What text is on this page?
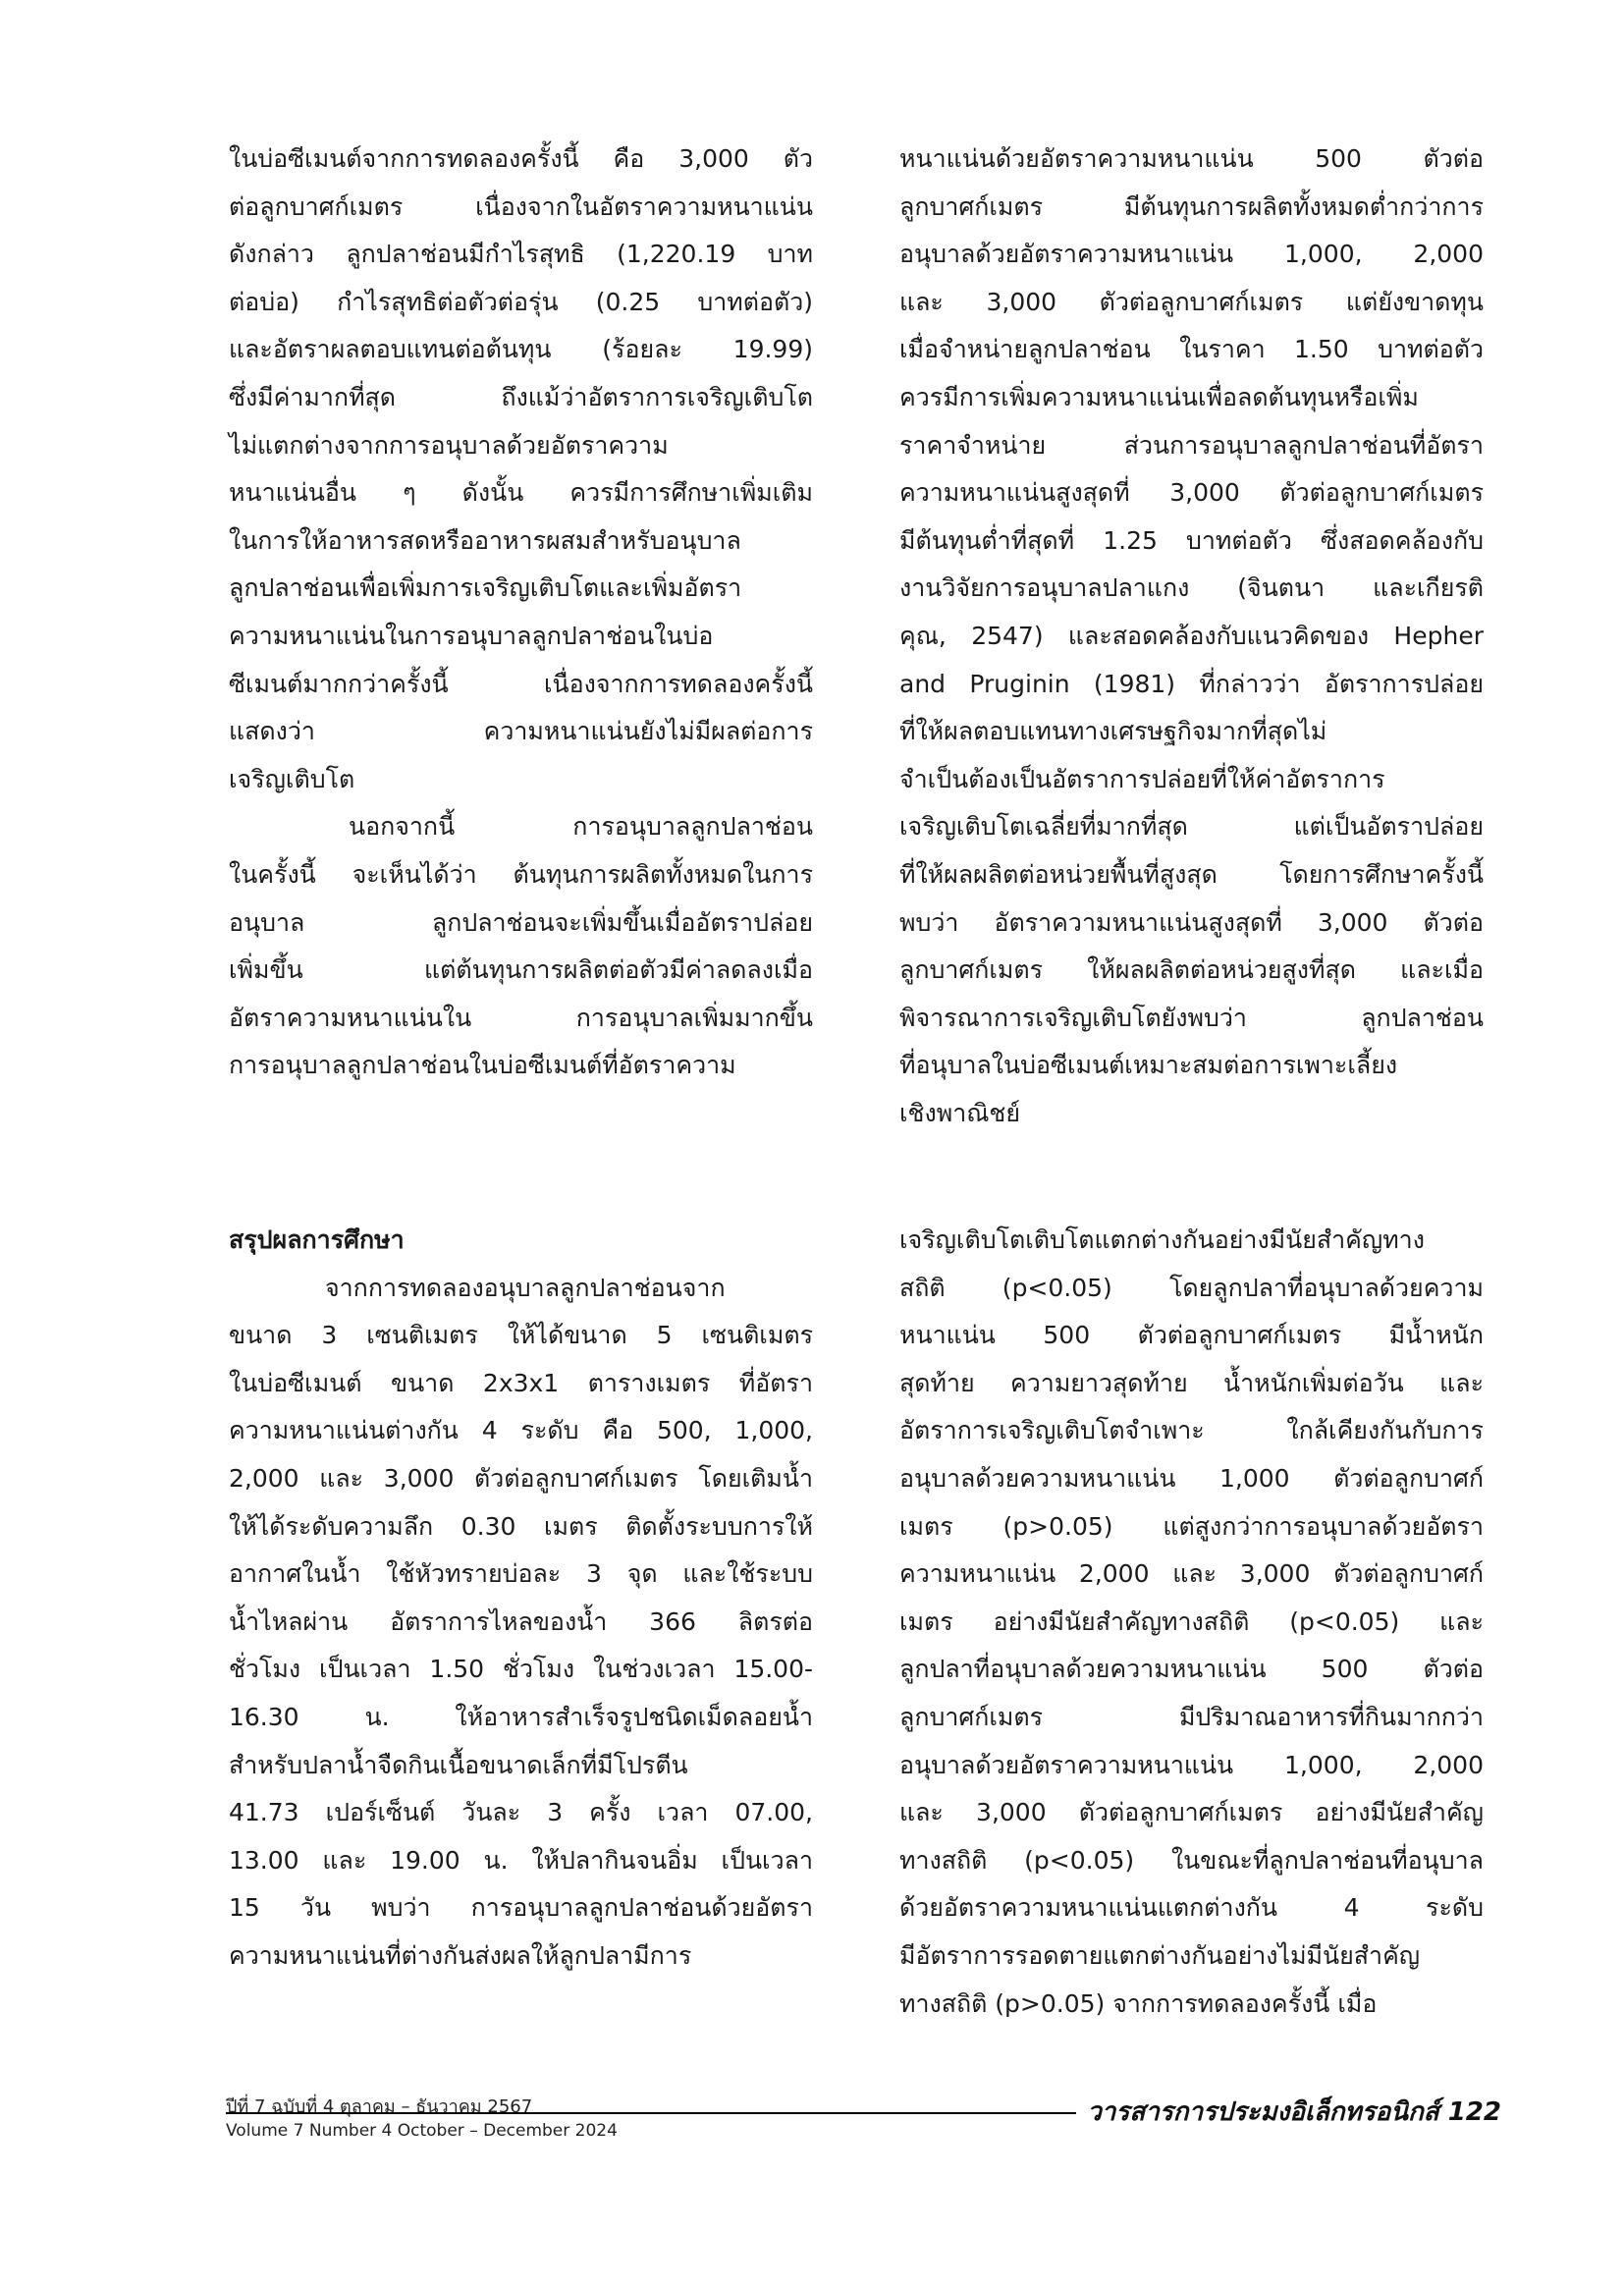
ในบ่อซีเมนต์จากการทดลองครั้งนี้ คือ 3,000 ตัว
ต่อลูกบาศก์เมตร เนื่องจากในอัตราความหนาแน่น
ดังกล่าว ลูกปลาช่อนมีกำไรสุทธิ (1,220.19 บาท
ต่อบ่อ) กำไรสุทธิต่อตัวต่อรุ่น (0.25 บาทต่อตัว)
และอัตราผลตอบแทนต่อต้นทุน (ร้อยละ 19.99)
ซึ่งมีค่ามากที่สุด ถึงแม้ว่าอัตราการเจริญเติบโต
ไม่แตกต่างจากการอนุบาลด้วยอัตราความ
หนาแน่นอื่น ๆ ดังนั้น ควรมีการศึกษาเพิ่มเติม
ในการให้อาหารสดหรืออาหารผสมสำหรับอนุบาล
ลูกปลาช่อนเพื่อเพิ่มการเจริญเติบโตและเพิ่มอัตรา
ความหนาแน่นในการอนุบาลลูกปลาช่อนในบ่อ
ซีเมนต์มากกว่าครั้งนี้ เนื่องจากการทดลองครั้งนี้
แสดงว่า ความหนาแน่นยังไม่มีผลต่อการ
เจริญเติบโต
นอกจากนี้ การอนุบาลลูกปลาช่อน
ในครั้งนี้ จะเห็นได้ว่า ต้นทุนการผลิตทั้งหมดในการ
อนุบาล ลูกปลาช่อนจะเพิ่มขึ้นเมื่ออัตราปล่อย
เพิ่มขึ้น แต่ต้นทุนการผลิตต่อตัวมีค่าลดลงเมื่อ
อัตราความหนาแน่นใน การอนุบาลเพิ่มมากขึ้น
การอนุบาลลูกปลาช่อนในบ่อซีเมนต์ที่อัตราความ
หนาแน่นด้วยอัตราความหนาแน่น 500 ตัวต่อ
ลูกบาศก์เมตร มีต้นทุนการผลิตทั้งหมดต่ำกว่าการ
อนุบาลด้วยอัตราความหนาแน่น 1,000, 2,000
และ 3,000 ตัวต่อลูกบาศก์เมตร แต่ยังขาดทุน
เมื่อจำหน่ายลูกปลาช่อน ในราคา 1.50 บาทต่อตัว
ควรมีการเพิ่มความหนาแน่นเพื่อลดต้นทุนหรือเพิ่ม
ราคาจำหน่าย ส่วนการอนุบาลลูกปลาช่อนที่อัตรา
ความหนาแน่นสูงสุดที่ 3,000 ตัวต่อลูกบาศก์เมตร
มีต้นทุนต่ำที่สุดที่ 1.25 บาทต่อตัว ซึ่งสอดคล้องกับ
งานวิจัยการอนุบาลปลาแกง (จินตนา และเกียรติ
คุณ, 2547) และสอดคล้องกับแนวคิดของ Hepher
and Pruginin (1981) ที่กล่าวว่า อัตราการปล่อย
ที่ให้ผลตอบแทนทางเศรษฐกิจมากที่สุดไม่
จำเป็นต้องเป็นอัตราการปล่อยที่ให้ค่าอัตราการ
เจริญเติบโตเฉลี่ยที่มากที่สุด แต่เป็นอัตราปล่อย
ที่ให้ผลผลิตต่อหน่วยพื้นที่สูงสุด โดยการศึกษาครั้งนี้
พบว่า อัตราความหนาแน่นสูงสุดที่ 3,000 ตัวต่อ
ลูกบาศก์เมตร ให้ผลผลิตต่อหน่วยสูงที่สุด และเมื่อ
พิจารณาการเจริญเติบโตยังพบว่า ลูกปลาช่อน
ที่อนุบาลในบ่อซีเมนต์เหมาะสมต่อการเพาะเลี้ยง
เชิงพาณิชย์
สรุปผลการศึกษา
จากการทดลองอนุบาลลูกปลาช่อนจาก
ขนาด 3 เซนติเมตร ให้ได้ขนาด 5 เซนติเมตร
ในบ่อซีเมนต์ ขนาด 2x3x1 ตารางเมตร ที่อัตรา
ความหนาแน่นต่างกัน 4 ระดับ คือ 500, 1,000,
2,000 และ 3,000 ตัวต่อลูกบาศก์เมตร โดยเติมน้ำ
ให้ได้ระดับความลึก 0.30 เมตร ติดตั้งระบบการให้
อากาศในน้ำ ใช้หัวทรายบ่อละ 3 จุด และใช้ระบบ
น้ำไหลผ่าน อัตราการไหลของน้ำ 366 ลิตรต่อ
ชั่วโมง เป็นเวลา 1.50 ชั่วโมง ในช่วงเวลา 15.00-
16.30 น. ให้อาหารสำเร็จรูปชนิดเม็ดลอยน้ำ
สำหรับปลาน้ำจืดกินเนื้อขนาดเล็กที่มีโปรตีน
41.73 เปอร์เซ็นต์ วันละ 3 ครั้ง เวลา 07.00,
13.00 และ 19.00 น. ให้ปลากินจนอิ่ม เป็นเวลา
15 วัน พบว่า การอนุบาลลูกปลาช่อนด้วยอัตรา
ความหนาแน่นที่ต่างกันส่งผลให้ลูกปลามีการ
เจริญเติบโตเติบโตแตกต่างกันอย่างมีนัยสำคัญทาง
สถิติ (p<0.05) โดยลูกปลาที่อนุบาลด้วยความ
หนาแน่น 500 ตัวต่อลูกบาศก์เมตร มีน้ำหนัก
สุดท้าย ความยาวสุดท้าย น้ำหนักเพิ่มต่อวัน และ
อัตราการเจริญเติบโตจำเพาะ ใกล้เคียงกันกับการ
อนุบาลด้วยความหนาแน่น 1,000 ตัวต่อลูกบาศก์
เมตร (p>0.05) แต่สูงกว่าการอนุบาลด้วยอัตรา
ความหนาแน่น 2,000 และ 3,000 ตัวต่อลูกบาศก์
เมตร อย่างมีนัยสำคัญทางสถิติ (p<0.05) และ
ลูกปลาที่อนุบาลด้วยความหนาแน่น 500 ตัวต่อ
ลูกบาศก์เมตร มีปริมาณอาหารที่กินมากกว่า
อนุบาลด้วยอัตราความหนาแน่น 1,000, 2,000
และ 3,000 ตัวต่อลูกบาศก์เมตร อย่างมีนัยสำคัญ
ทางสถิติ (p<0.05) ในขณะที่ลูกปลาช่อนที่อนุบาล
ด้วยอัตราความหนาแน่นแตกต่างกัน 4 ระดับ
มีอัตราการรอดตายแตกต่างกันอย่างไม่มีนัยสำคัญ
ทางสถิติ (p>0.05) จากการทดลองครั้งนี้ เมื่อ
ปีที่ 7 ฉบับที่ 4 ตุลาคม – ธันวาคม 2567
Volume 7 Number 4 October – December 2024
วารสารการประมงอิเล็กทรอนิกส์ 122
